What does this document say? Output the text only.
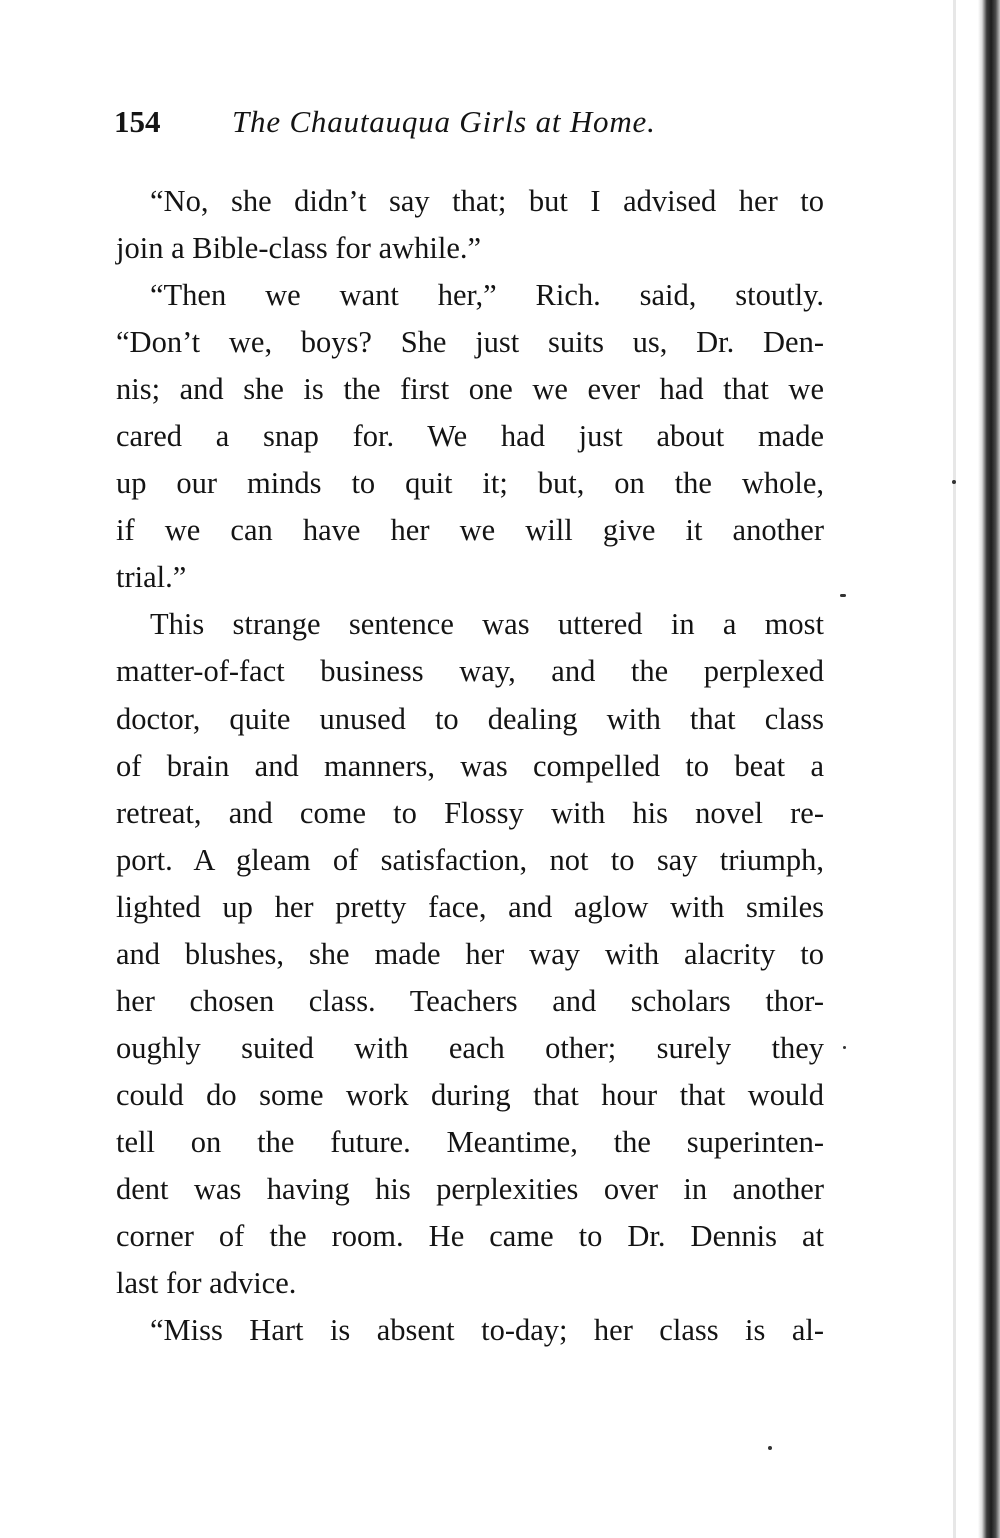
154 The Chautauqua Girls at Home.
“No, she didn’t say that; but I advised her to
join a Bible-class for awhile.”
“Then we want her,” Rich. said, stoutly.
“Don’t we, boys? She just suits us, Dr. Den-
nis; and she is the first one we ever had that we
cared a snap for. We had just about made
up our minds to quit it; but, on the whole,
if we can have her we will give it another
trial.”
This strange sentence was uttered in a most
matter-of-fact business way, and the perplexed
doctor, quite unused to dealing with that class
of brain and manners, was compelled to beat a
retreat, and come to Flossy with his novel re-
port. A gleam of satisfaction, not to say triumph,
lighted up her pretty face, and aglow with smiles
and blushes, she made her way with alacrity to
her chosen class. Teachers and scholars thor-
oughly suited with each other; surely they
could do some work during that hour that would
tell on the future. Meantime, the superinten-
dent was having his perplexities over in another
corner of the room. He came to Dr. Dennis at
last for advice.
“Miss Hart is absent to-day; her class is al-
